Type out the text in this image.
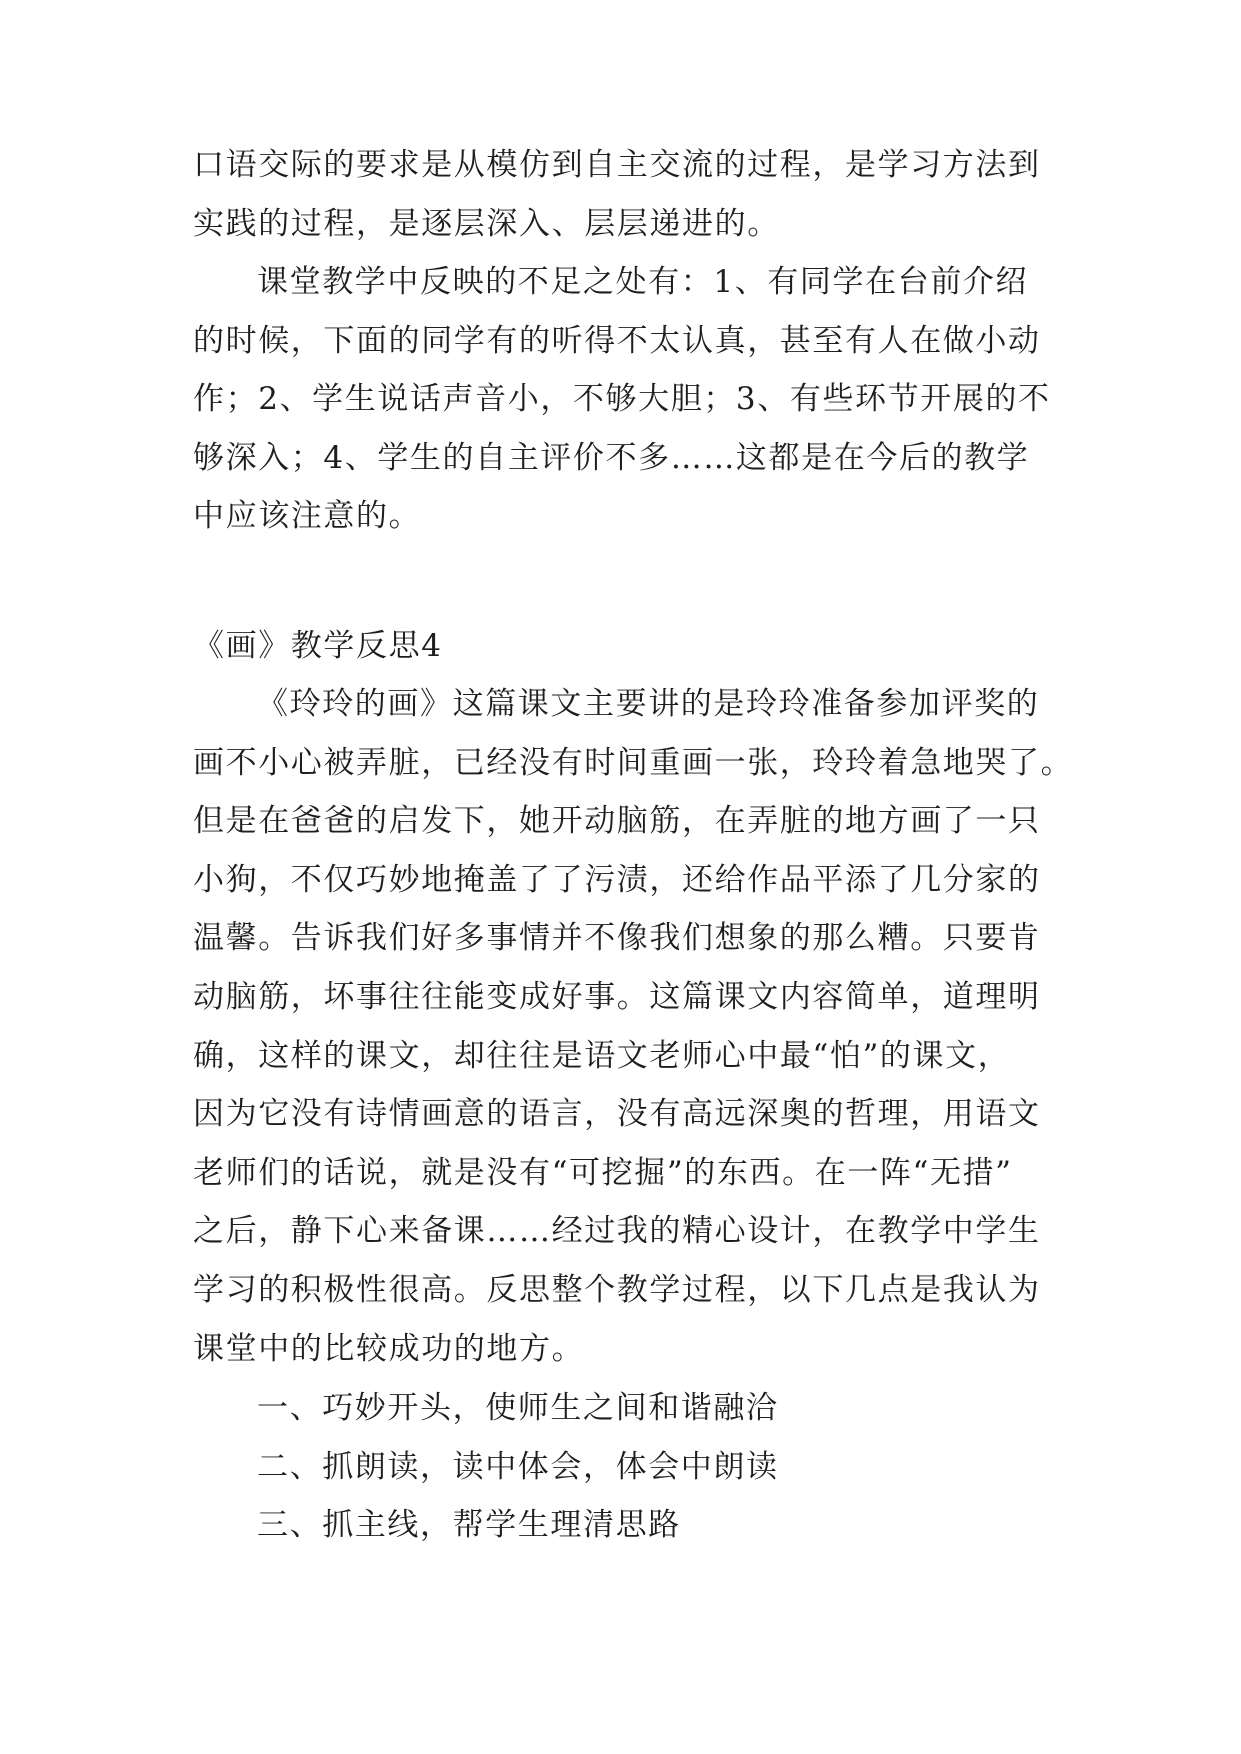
口语交际的要求是从模仿到自主交流的过程，是学习方法到
实践的过程，是逐层深入、层层递进的。
课堂教学中反映的不足之处有：1、有同学在台前介绍
的时候，下面的同学有的听得不太认真，甚至有人在做小动
作；2、学生说话声音小，不够大胆；3、有些环节开展的不
够深入；4、学生的自主评价不多……这都是在今后的教学
中应该注意的。
《画》教学反思4
《玲玲的画》这篇课文主要讲的是玲玲准备参加评奖的
画不小心被弄脏，已经没有时间重画一张，玲玲着急地哭了。
但是在爸爸的启发下，她开动脑筋，在弄脏的地方画了一只
小狗，不仅巧妙地掩盖了了污渍，还给作品平添了几分家的
温馨。告诉我们好多事情并不像我们想象的那么糟。只要肯
动脑筋，坏事往往能变成好事。这篇课文内容简单，道理明
确，这样的课文，却往往是语文老师心中最“怕”的课文，
因为它没有诗情画意的语言，没有高远深奥的哲理，用语文
老师们的话说，就是没有“可挖掘”的东西。在一阵“无措”
之后，静下心来备课……经过我的精心设计，在教学中学生
学习的积极性很高。反思整个教学过程，以下几点是我认为
课堂中的比较成功的地方。
一、巧妙开头，使师生之间和谐融洽
二、抓朗读，读中体会，体会中朗读
三、抓主线，帮学生理清思路
